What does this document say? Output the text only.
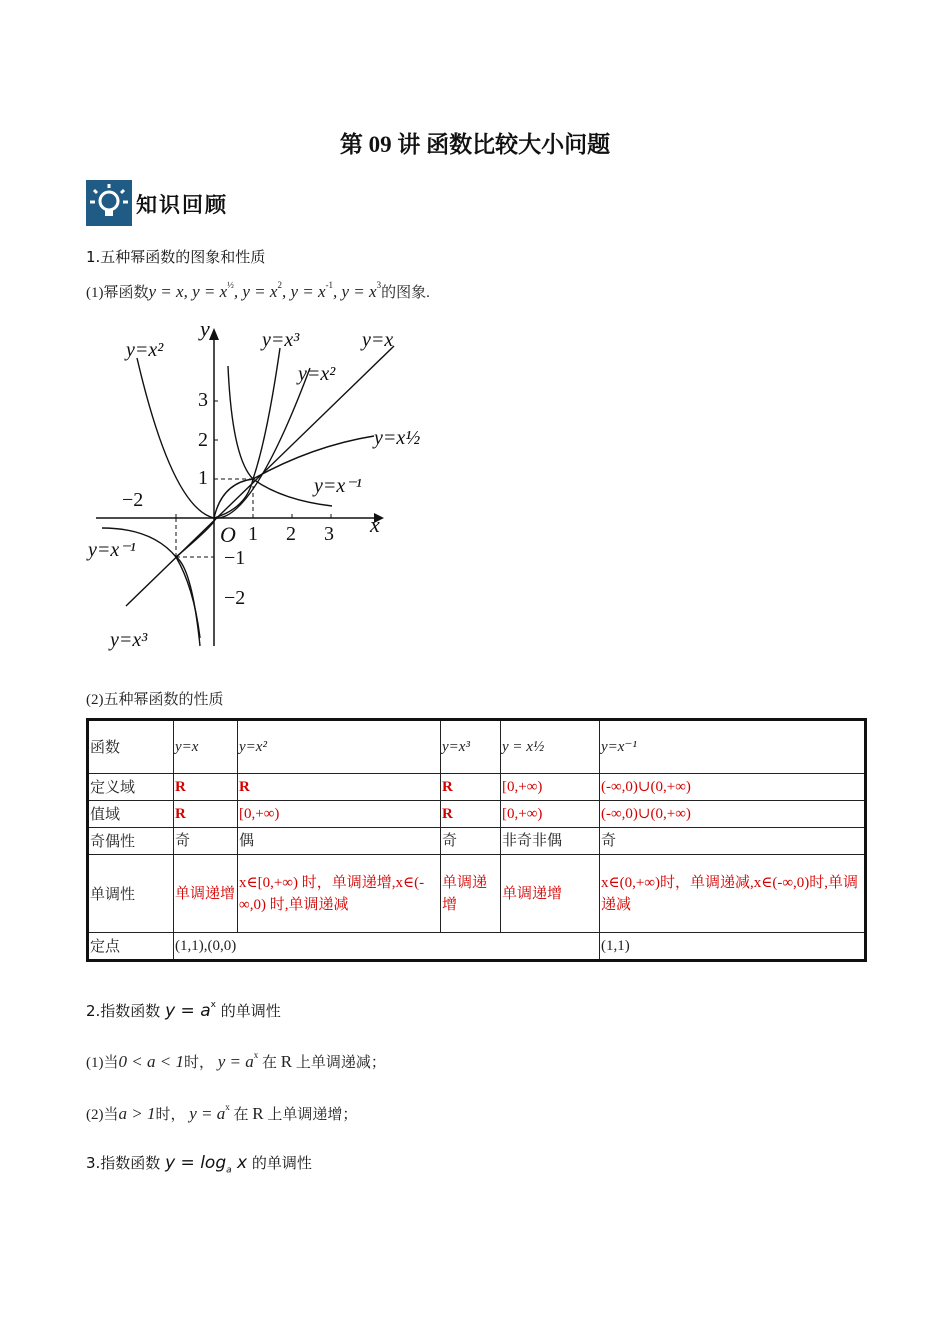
第 09 讲 函数比较大小问题
知识回顾
1.五种幂函数的图象和性质
(1)幂函数y = x, $y = x^{\frac{1}{2}}$, $y = x^2$, $y = x^{-1}$, $y = x^3$的图象.
y
x
O
−2
1 2 3
3
2
1
−1
−2
y=x²	y=x³	y=x
y=x²
y=x½
y=x⁻¹
y=x⁻¹
y=x³
(2)五种幂函数的性质
函数	y=x	y=x²	y=x³	y = x½	y=x⁻¹
定义域	R	R	R	[0,+∞)	(-∞,0)∪(0,+∞)
值域	R	[0,+∞)	R	[0,+∞)	(-∞,0)∪(0,+∞)
奇偶性	奇	偶	奇	非奇非偶	奇
单调性	单调递增	x∈[0,+∞) 时，单调递增,x∈(-∞,0) 时,单调递减	单调递增	单调递增	x∈(0,+∞)时，单调递减,x∈(-∞,0)时,单调递减
定点	(1,1),(0,0)				(1,1)
2.指数函数 $y = a^x$ 的单调性
(1)当0 < a < 1时， $y = a^x$ 在 R 上单调递减；
(2)当a > 1时， $y = a^x$ 在 R 上单调递增；
3.指数函数 $y = \log_a x$ 的单调性
